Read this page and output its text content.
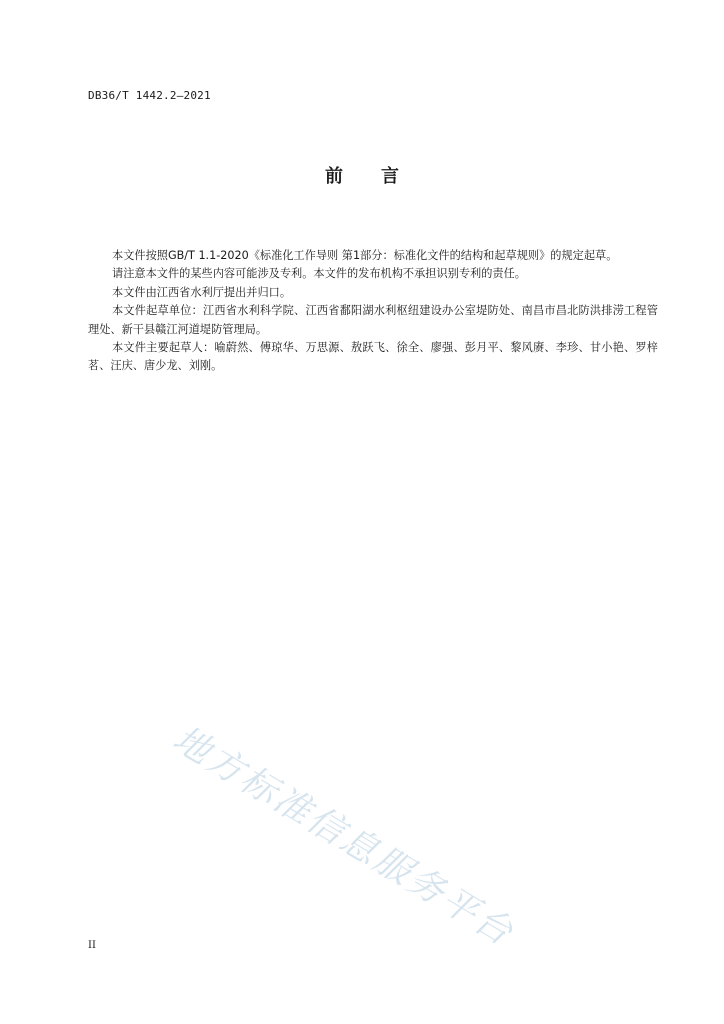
DB36/T 1442.2—2021
前言

本文件按照GB/T 1.1-2020《标准化工作导则 第1部分：标准化文件的结构和起草规则》的规定起草。

请注意本文件的某些内容可能涉及专利。本文件的发布机构不承担识别专利的责任。

本文件由江西省水利厅提出并归口。

本文件起草单位：江西省水利科学院、江西省鄱阳湖水利枢纽建设办公室堤防处、南昌市昌北防洪排涝工程管理处、新干县赣江河道堤防管理局。

本文件主要起草人：喻蔚然、傅琼华、万思源、敖跃飞、徐全、廖强、彭月平、黎风赓、李珍、甘小艳、罗梓茗、汪庆、唐少龙、刘刚。

地方标准信息服务平台
II
